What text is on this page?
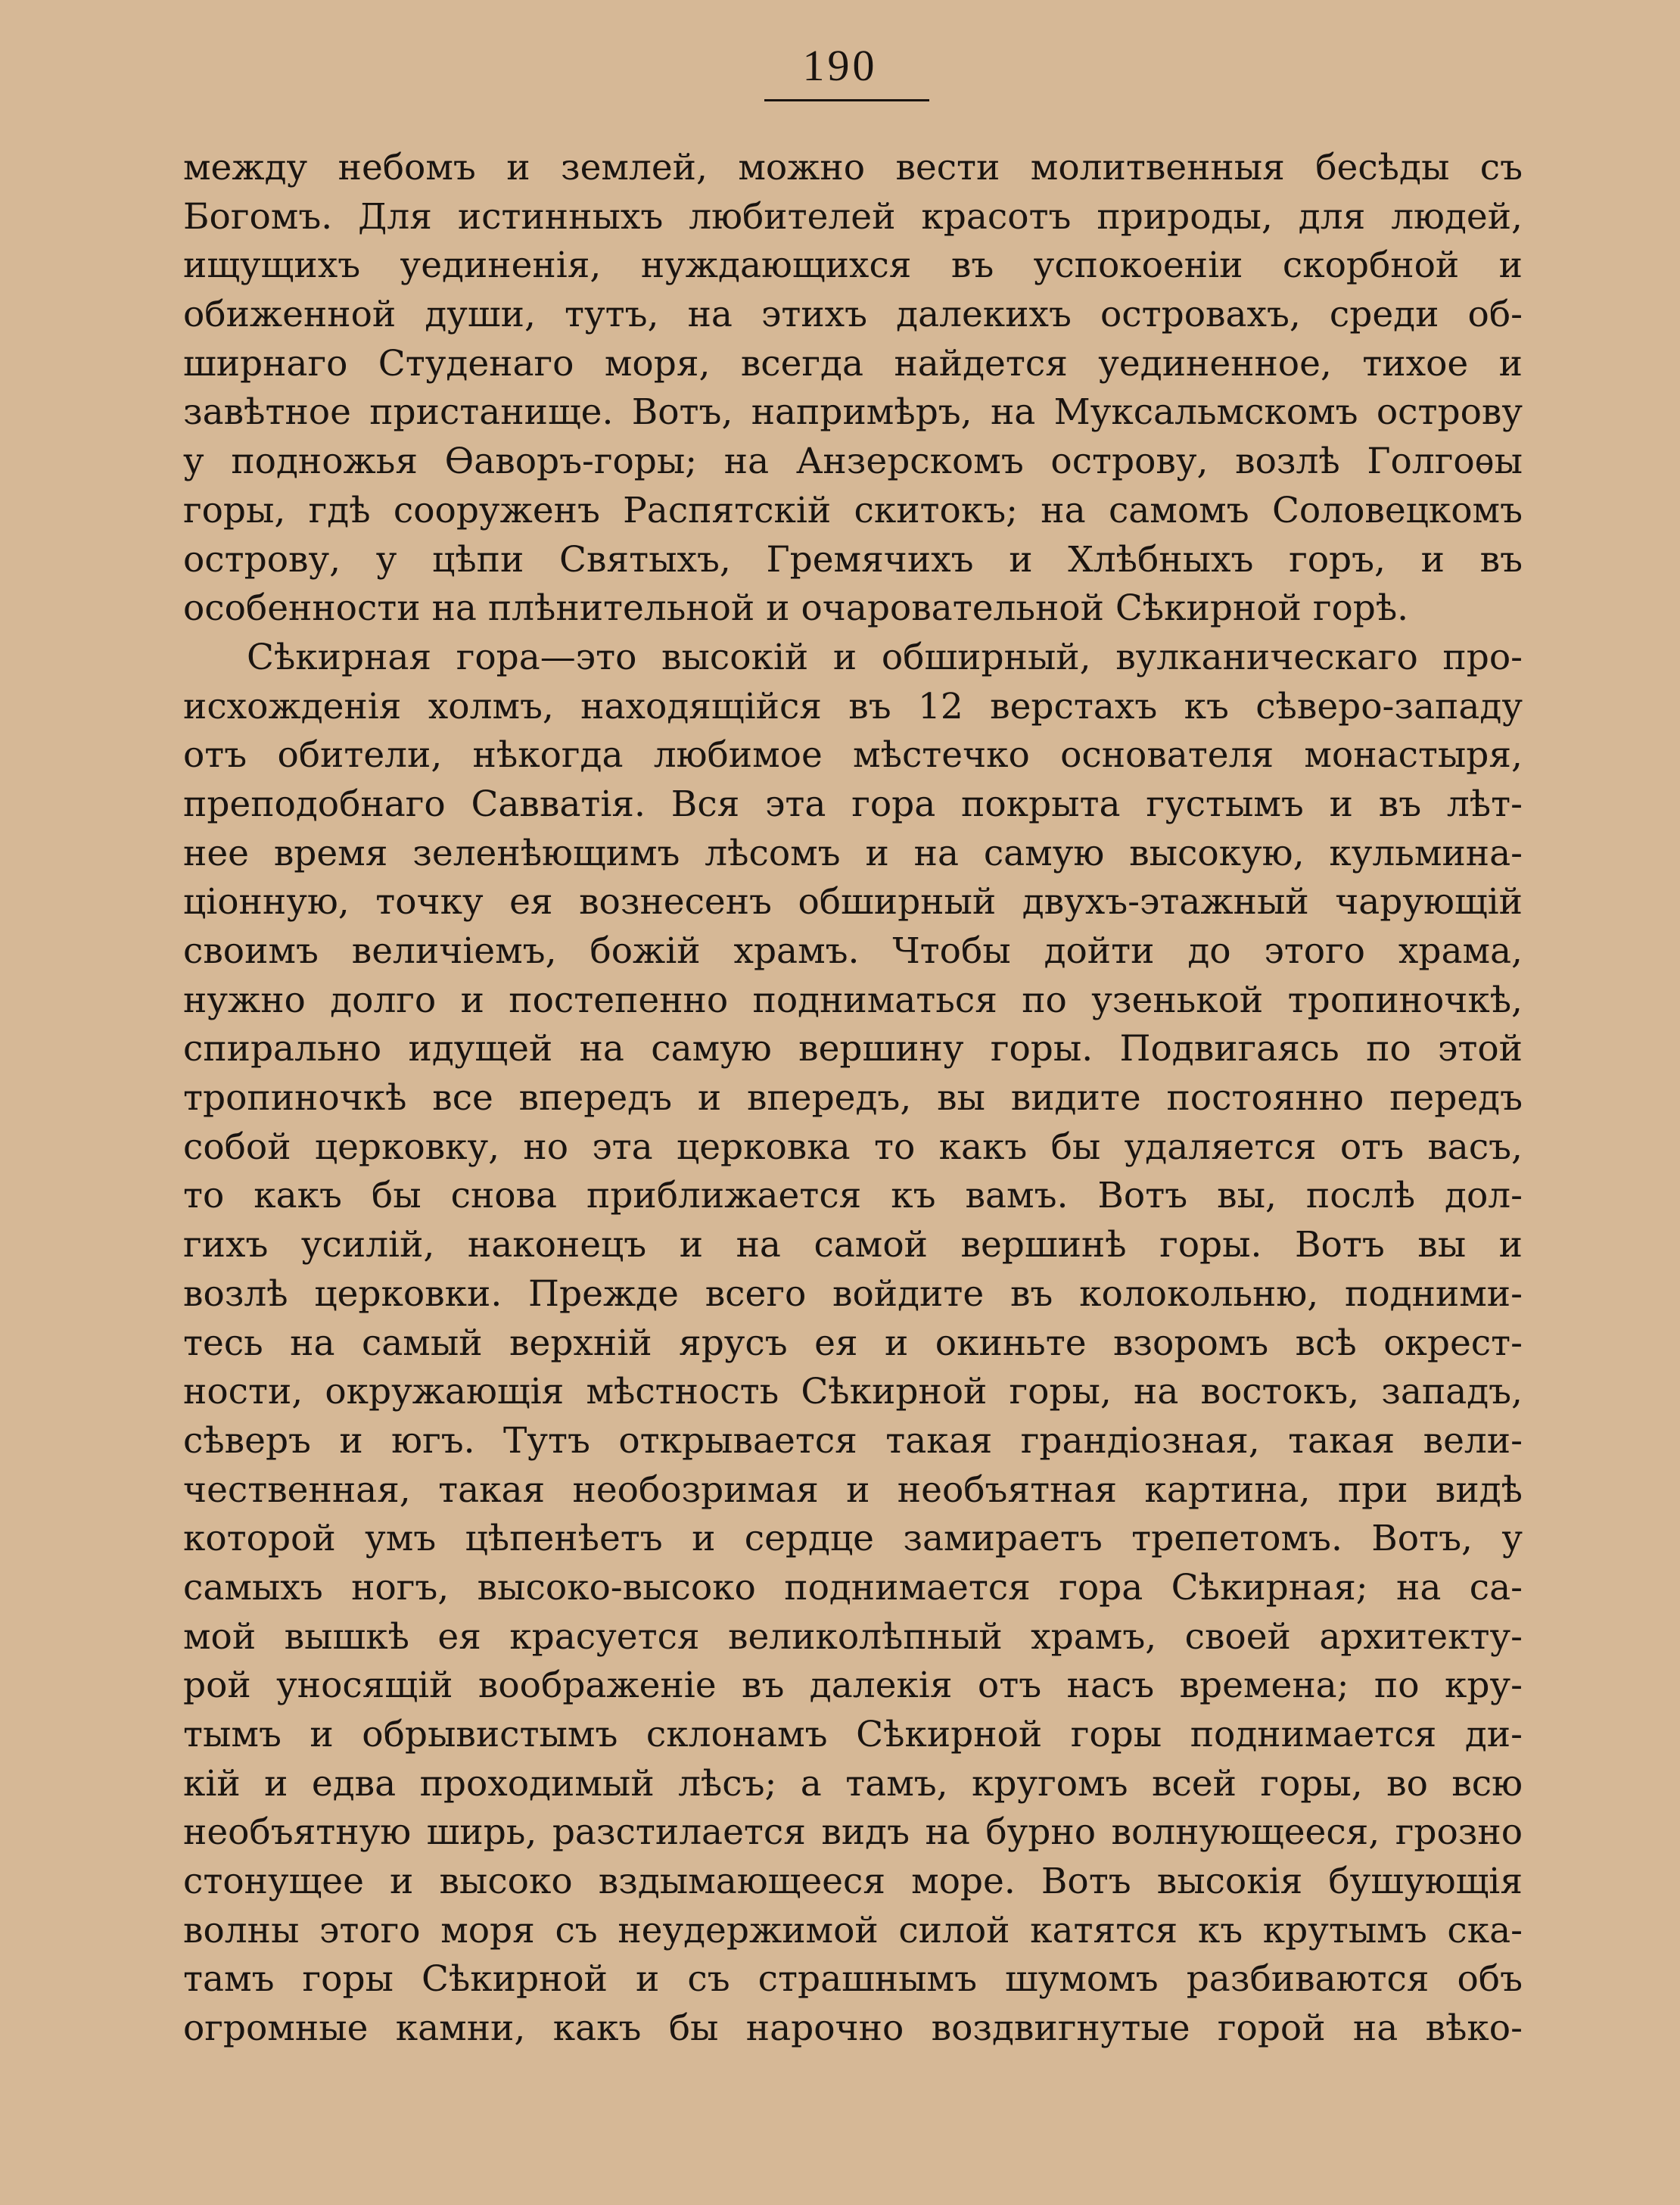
190
между небомъ и землей, можно вести молитвенныя бесѣды съ
Богомъ. Для истинныхъ любителей красотъ природы, для людей,
ищущихъ уединенія, нуждающихся въ успокоеніи скорбной и
обиженной души, тутъ, на этихъ далекихъ островахъ, среди об-
ширнаго Студенаго моря, всегда найдется уединенное, тихое и
завѣтное пристанище. Вотъ, напримѣръ, на Муксальмскомъ острову
у подножья Ѳаворъ-горы; на Анзерскомъ острову, возлѣ Голгоѳы
горы, гдѣ сооруженъ Распятскій скитокъ; на самомъ Соловецкомъ
острову, у цѣпи Святыхъ, Гремячихъ и Хлѣбныхъ горъ, и въ
особенности на плѣнительной и очаровательной Сѣкирной горѣ.
Сѣкирная гора—это высокій и обширный, вулканическаго про-
исхожденія холмъ, находящійся въ 12 верстахъ къ сѣверо-западу
отъ обители, нѣкогда любимое мѣстечко основателя монастыря,
преподобнаго Савватія. Вся эта гора покрыта густымъ и въ лѣт-
нее время зеленѣющимъ лѣсомъ и на самую высокую, кульмина-
ціонную, точку ея вознесенъ обширный двухъ-этажный чарующій
своимъ величіемъ, божій храмъ. Чтобы дойти до этого храма,
нужно долго и постепенно подниматься по узенькой тропиночкѣ,
спирально идущей на самую вершину горы. Подвигаясь по этой
тропиночкѣ все впередъ и впередъ, вы видите постоянно передъ
собой церковку, но эта церковка то какъ бы удаляется отъ васъ,
то какъ бы снова приближается къ вамъ. Вотъ вы, послѣ дол-
гихъ усилій, наконецъ и на самой вершинѣ горы. Вотъ вы и
возлѣ церковки. Прежде всего войдите въ колокольню, подними-
тесь на самый верхній ярусъ ея и окиньте взоромъ всѣ окрест-
ности, окружающія мѣстность Сѣкирной горы, на востокъ, западъ,
сѣверъ и югъ. Тутъ открывается такая грандіозная, такая вели-
чественная, такая необозримая и необъятная картина, при видѣ
которой умъ цѣпенѣетъ и сердце замираетъ трепетомъ. Вотъ, у
самыхъ ногъ, высоко-высоко поднимается гора Сѣкирная; на са-
мой вышкѣ ея красуется великолѣпный храмъ, своей архитекту-
рой уносящій воображеніе въ далекія отъ насъ времена; по кру-
тымъ и обрывистымъ склонамъ Сѣкирной горы поднимается ди-
кій и едва проходимый лѣсъ; а тамъ, кругомъ всей горы, во всю
необъятную ширь, разстилается видъ на бурно волнующееся, грозно
стонущее и высоко вздымающееся море. Вотъ высокія бушующія
волны этого моря съ неудержимой силой катятся къ крутымъ ска-
тамъ горы Сѣкирной и съ страшнымъ шумомъ разбиваются объ
огромные камни, какъ бы нарочно воздвигнутые горой на вѣко-
